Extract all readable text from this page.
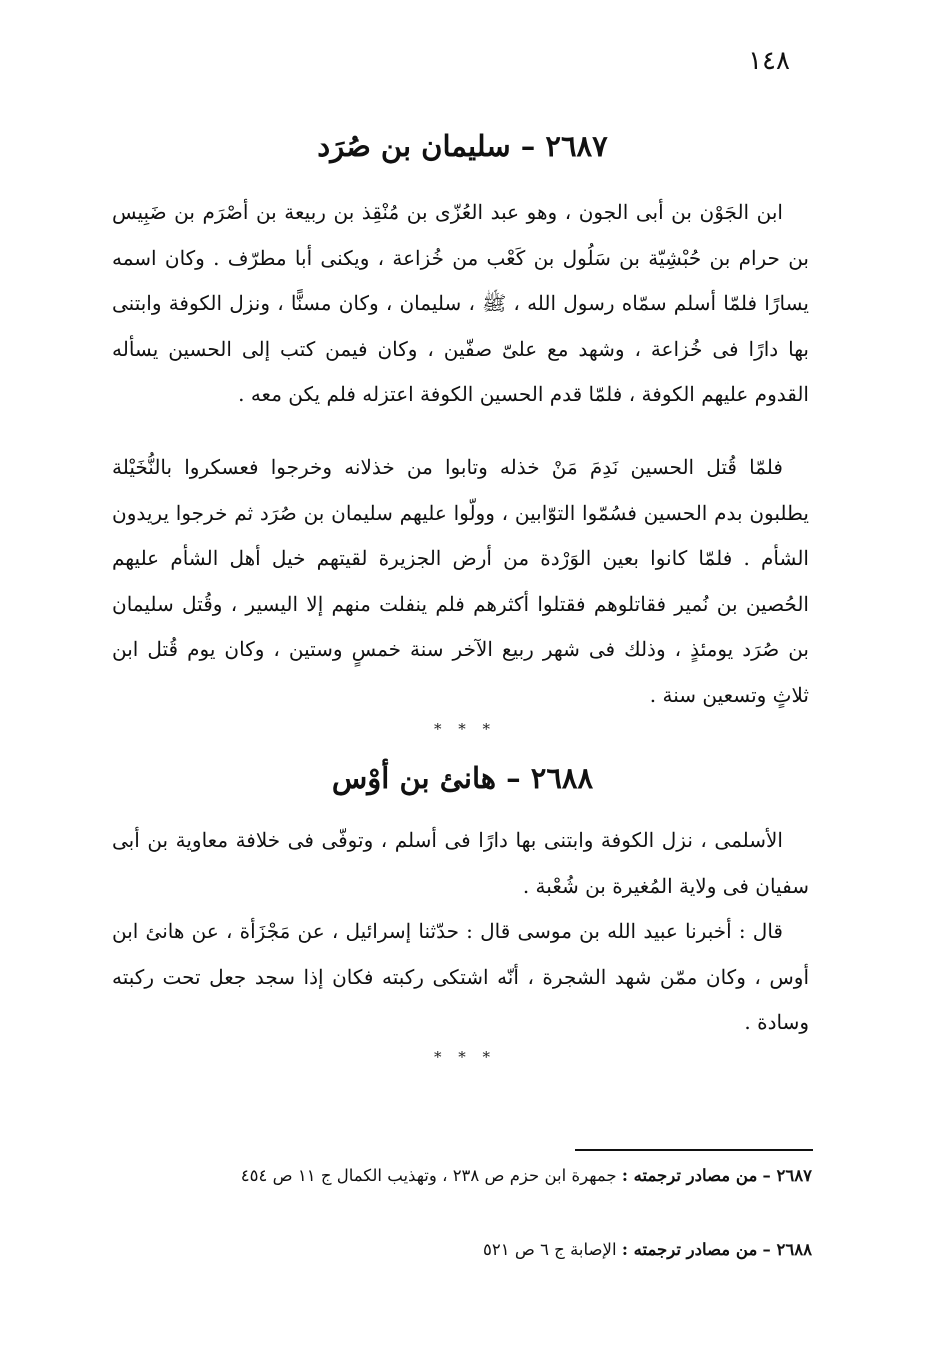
١٤٨
٢٦٨٧ – سليمان بن صُرَد
ابن الجَوْن بن أبى الجون ، وهو عبد العُزّى بن مُنْقِذ بن ربيعة بن أصْرَم بن ضَبِيس بن حرام بن حُبْشِيّة بن سَلُول بن كَعْب من خُزاعة ، ويكنى أبا مطرّف . وكان اسمه يسارًا فلمّا أسلم سمّاه رسول الله ، ﷺ ، سليمان ، وكان مسنًّا ، ونزل الكوفة وابتنى بها دارًا فى خُزاعة ، وشهد مع علىّ صفّين ، وكان فيمن كتب إلى الحسين يسأله القدوم عليهم الكوفة ، فلمّا قدم الحسين الكوفة اعتزله فلم يكن معه .
فلمّا قُتل الحسين نَدِمَ مَنْ خذله وتابوا من خذلانه وخرجوا فعسكروا بالنُّخَيْلة يطلبون بدم الحسين فسُمّوا التوّابين ، وولّوا عليهم سليمان بن صُرَد ثم خرجوا يريدون الشأم . فلمّا كانوا بعين الوَرْدة من أرض الجزيرة لقيتهم خيل أهل الشأم عليهم الحُصين بن نُمير فقاتلوهم فقتلوا أكثرهم فلم ينفلت منهم إلا اليسير ، وقُتل سليمان بن صُرَد يومئذٍ ، وذلك فى شهر ربيع الآخر سنة خمسٍ وستين ، وكان يوم قُتل ابن ثلاثٍ وتسعين سنة .
* * *
٢٦٨٨ – هانئ بن أوْس
الأسلمى ، نزل الكوفة وابتنى بها دارًا فى أسلم ، وتوفّى فى خلافة معاوية بن أبى سفيان فى ولاية المُغيرة بن شُعْبة .
قال : أخبرنا عبيد الله بن موسى قال : حدّثنا إسرائيل ، عن مَجْزَأة ، عن هانئ ابن أوس ، وكان ممّن شهد الشجرة ، أنّه اشتكى ركبته فكان إذا سجد جعل تحت ركبته وسادة .
* * *
٢٦٨٧ – من مصادر ترجمته : جمهرة ابن حزم ص ٢٣٨ ، وتهذيب الكمال ج ١١ ص ٤٥٤
٢٦٨٨ – من مصادر ترجمته : الإصابة ج ٦ ص ٥٢١
